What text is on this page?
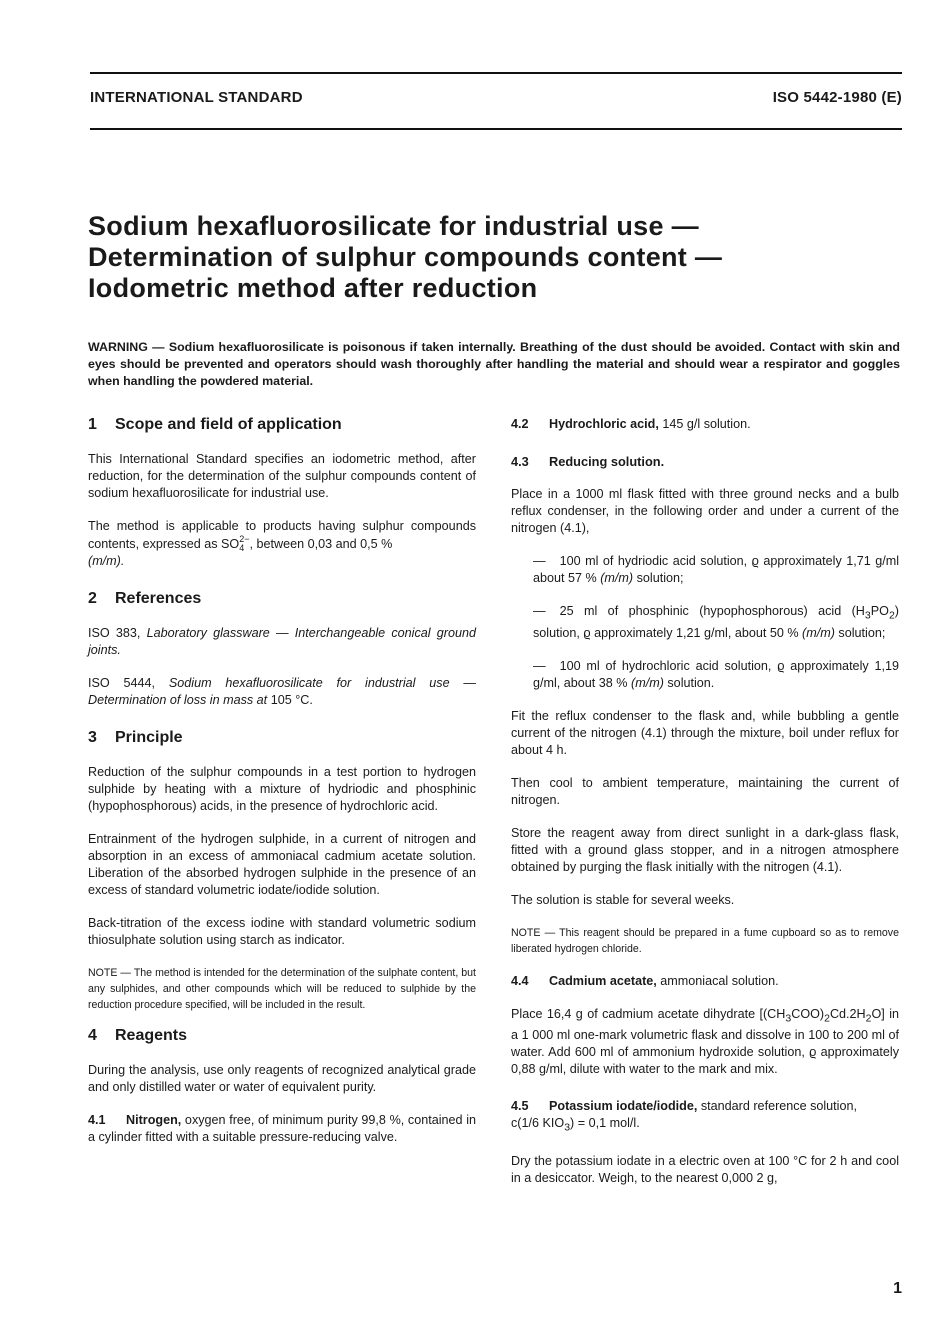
INTERNATIONAL STANDARD	ISO 5442-1980 (E)
Sodium hexafluorosilicate for industrial use —
Determination of sulphur compounds content —
Iodometric method after reduction
WARNING — Sodium hexafluorosilicate is poisonous if taken internally. Breathing of the dust should be avoided. Contact with skin and eyes should be prevented and operators should wash thoroughly after handling the material and should wear a respirator and goggles when handling the powdered material.
1 Scope and field of application

This International Standard specifies an iodometric method, after reduction, for the determination of the sulphur compounds content of sodium hexafluorosilicate for industrial use.

The method is applicable to products having sulphur compounds contents, expressed as SO 2−
4 , between 0,03 and 0,5 %
(m/m).

2 References

ISO 383, Laboratory glassware — Interchangeable conical ground joints.

ISO 5444, Sodium hexafluorosilicate for industrial use — Determination of loss in mass at 105 °C.

3 Principle

Reduction of the sulphur compounds in a test portion to hydrogen sulphide by heating with a mixture of hydriodic and phosphinic (hypophosphorous) acids, in the presence of hydrochloric acid.

Entrainment of the hydrogen sulphide, in a current of nitrogen and absorption in an excess of ammoniacal cadmium acetate solution. Liberation of the absorbed hydrogen sulphide in the presence of an excess of standard volumetric iodate/iodide solution.

Back-titration of the excess iodine with standard volumetric sodium thiosulphate solution using starch as indicator.

NOTE — The method is intended for the determination of the sulphate content, but any sulphides, and other compounds which will be reduced to sulphide by the reduction procedure specified, will be included in the result.
4 Reagents

During the analysis, use only reagents of recognized analytical grade and only distilled water or water of equivalent purity.

4.1 Nitrogen, oxygen free, of minimum purity 99,8 %, contained in a cylinder fitted with a suitable pressure-reducing valve.

4.2 Hydrochloric acid, 145 g/l solution.

4.3 Reducing solution.

Place in a 1000 ml flask fitted with three ground necks and a bulb reflux condenser, in the following order and under a current of the nitrogen (4.1),

— 100 ml of hydriodic acid solution, ϱ approximately 1,71 g/ml about 57 % (m/m) solution;
— 25 ml of phosphinic (hypophosphorous) acid $(H_3PO_2)$ solution, ϱ approximately 1,21 g/ml, about 50 % (m/m) solution;
— 100 ml of hydrochloric acid solution, ϱ approximately 1,19 g/ml, about 38 % (m/m) solution.

Fit the reflux condenser to the flask and, while bubbling a gentle current of the nitrogen (4.1) through the mixture, boil under reflux for about 4 h.

Then cool to ambient temperature, maintaining the current of nitrogen.

Store the reagent away from direct sunlight in a dark-glass flask, fitted with a ground glass stopper, and in a nitrogen atmosphere obtained by purging the flask initially with the nitrogen (4.1).

The solution is stable for several weeks.

NOTE — This reagent should be prepared in a fume cupboard so as to remove liberated hydrogen chloride.

4.4 Cadmium acetate, ammoniacal solution.

Place 16,4 g of cadmium acetate dihydrate $[(CH_3COO)_2Cd.2H_2O]$ in a 1 000 ml one-mark volumetric flask and dissolve in 100 to 200 ml of water. Add 600 ml of ammonium hydroxide solution, ϱ approximately 0,88 g/ml, dilute with water to the mark and mix.

4.5 Potassium iodate/iodide, standard reference solution,
c(1/6 $KIO_3) = 0,1$ mol/l.

Dry the potassium iodate in a electric oven at 100 °C for 2 h and cool in a desiccator. Weigh, to the nearest 0,000 2 g,

1
